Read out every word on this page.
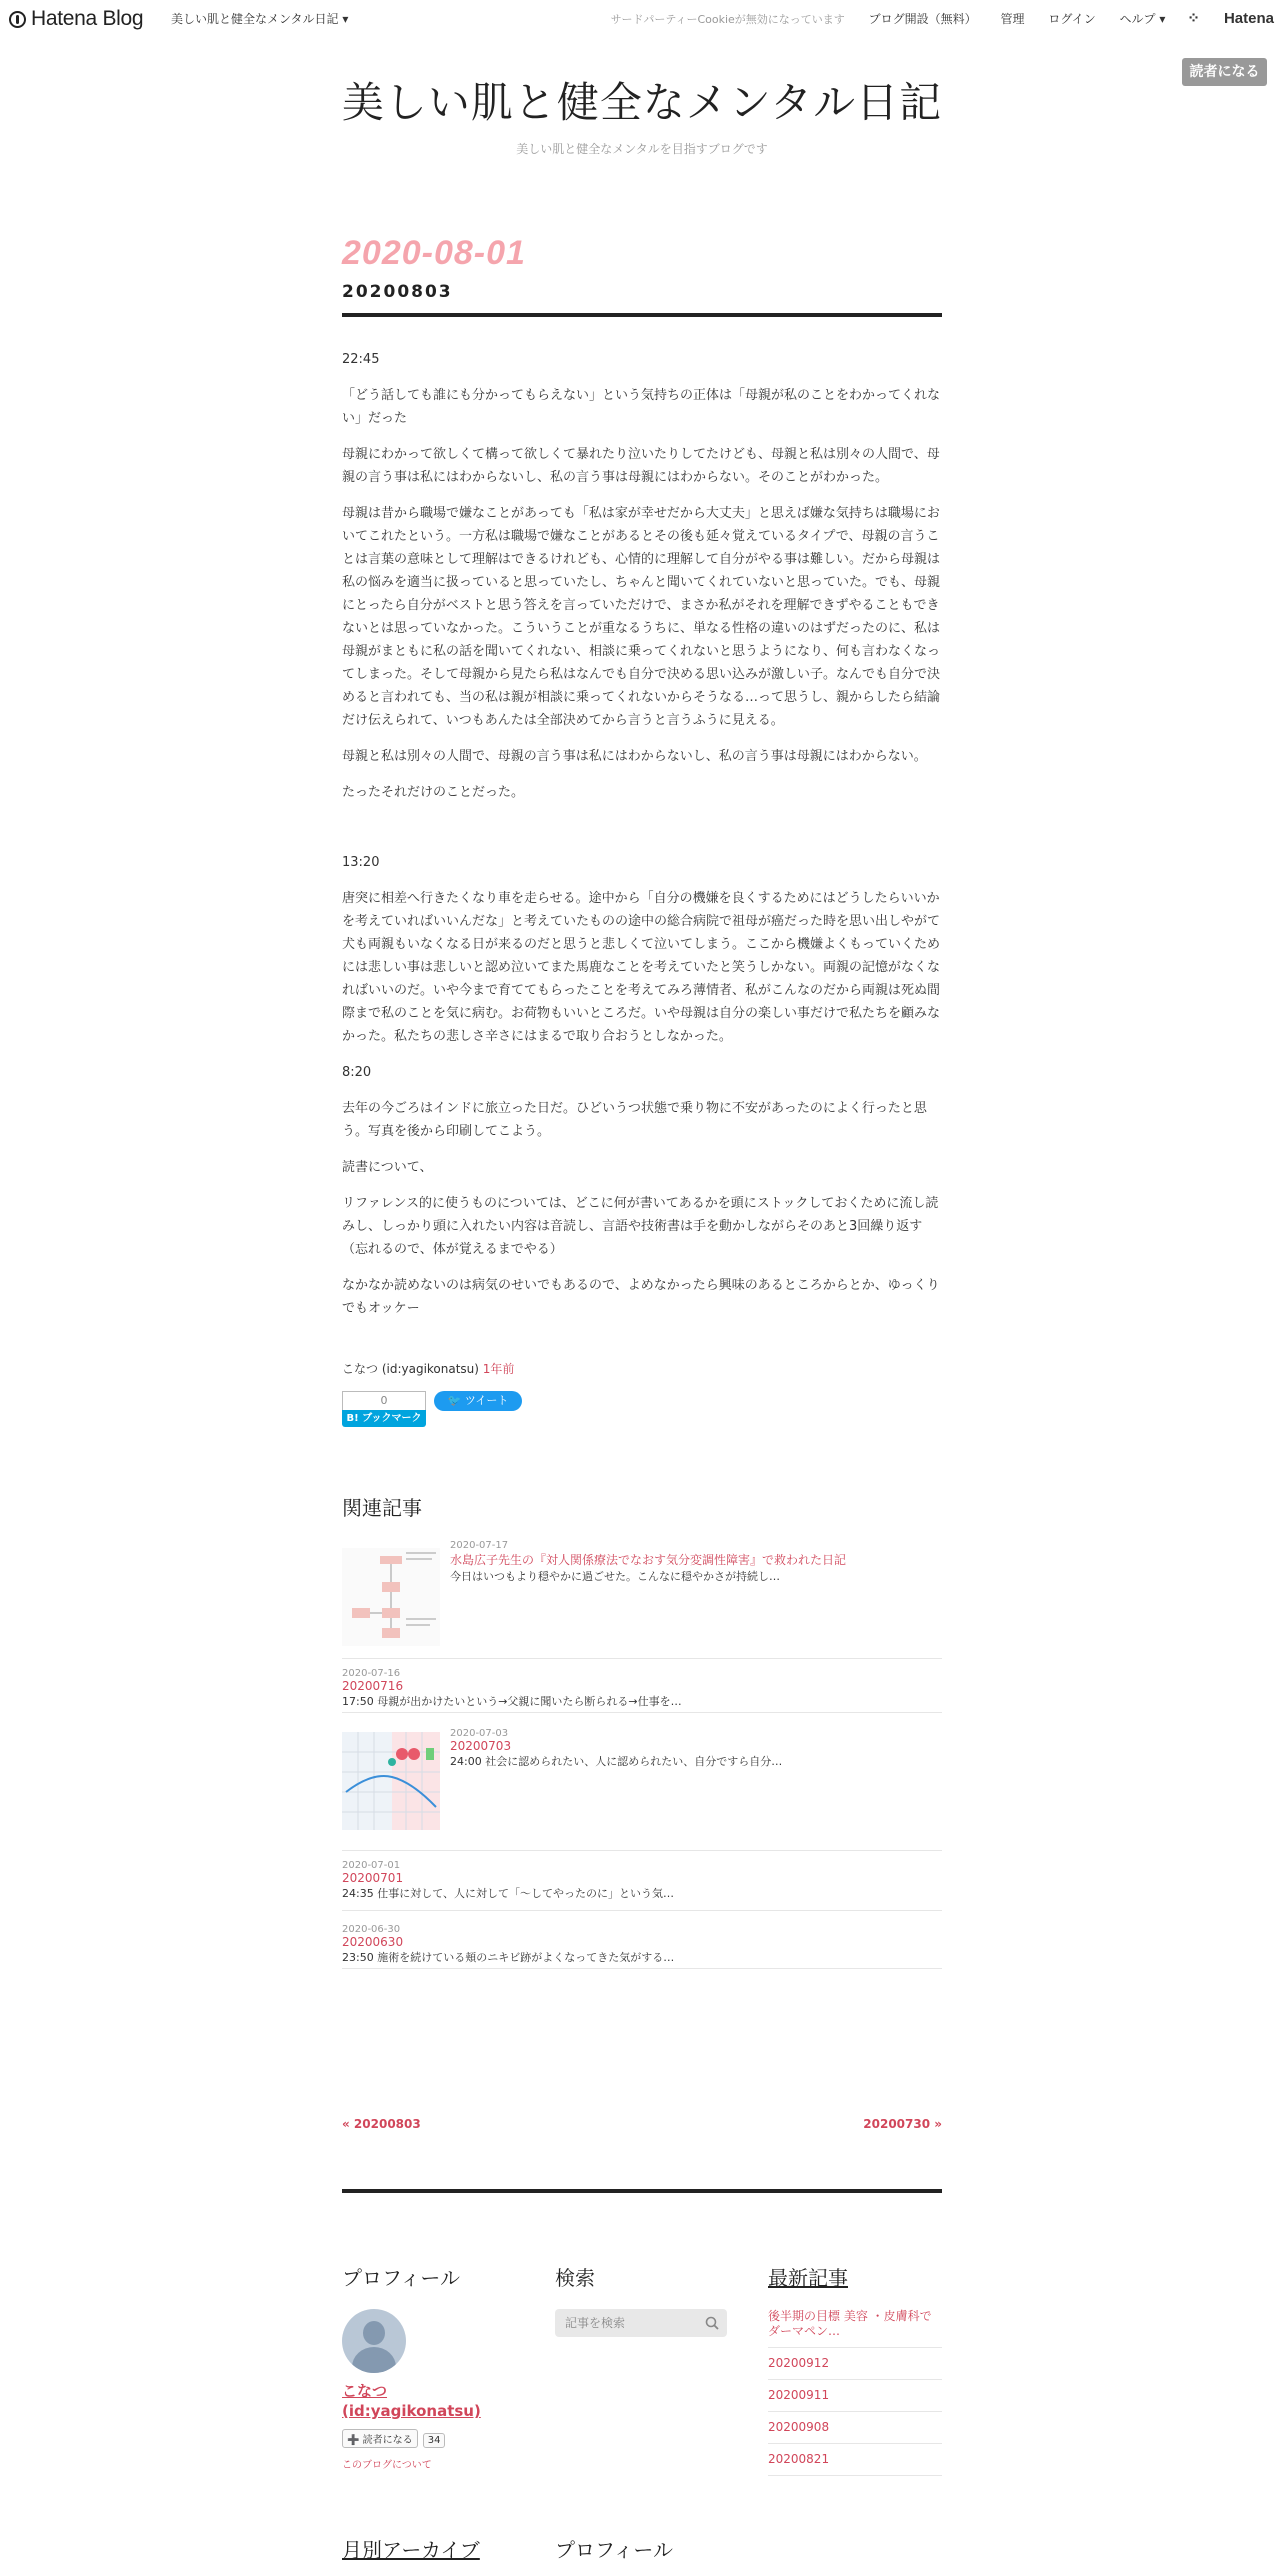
Hatena Blog 美しい肌と健全なメンタル日記 ▾	サードパーティーCookieが無効になっています ブログ開設（無料） 管理 ログイン ヘルプ ▾ ⁘ Hatena
読者になる
美しい肌と健全なメンタル日記
美しい肌と健全なメンタルを目指すブログです
2020-08-01
20200803

22:45

「どう話しても誰にも分かってもらえない」という気持ちの正体は「母親が私のことをわかってくれない」だった

母親にわかって欲しくて構って欲しくて暴れたり泣いたりしてたけども、母親と私は別々の人間で、母親の言う事は私にはわからないし、私の言う事は母親にはわからない。そのことがわかった。

母親は昔から職場で嫌なことがあっても「私は家が幸せだから大丈夫」と思えば嫌な気持ちは職場においてこれたという。一方私は職場で嫌なことがあるとその後も延々覚えているタイプで、母親の言うことは言葉の意味として理解はできるけれども、心情的に理解して自分がやる事は難しい。だから母親は私の悩みを適当に扱っていると思っていたし、ちゃんと聞いてくれていないと思っていた。でも、母親にとったら自分がベストと思う答えを言っていただけで、まさか私がそれを理解できずやることもできないとは思っていなかった。こういうことが重なるうちに、単なる性格の違いのはずだったのに、私は母親がまともに私の話を聞いてくれない、相談に乗ってくれないと思うようになり、何も言わなくなってしまった。そして母親から見たら私はなんでも自分で決める思い込みが激しい子。なんでも自分で決めると言われても、当の私は親が相談に乗ってくれないからそうなる…って思うし、親からしたら結論だけ伝えられて、いつもあんたは全部決めてから言うと言うふうに見える。

母親と私は別々の人間で、母親の言う事は私にはわからないし、私の言う事は母親にはわからない。

たったそれだけのことだった。

13:20

唐突に相差へ行きたくなり車を走らせる。途中から「自分の機嫌を良くするためにはどうしたらいいかを考えていればいいんだな」と考えていたものの途中の総合病院で祖母が癌だった時を思い出しやがて犬も両親もいなくなる日が来るのだと思うと悲しくて泣いてしまう。ここから機嫌よくもっていくためには悲しい事は悲しいと認め泣いてまた馬鹿なことを考えていたと笑うしかない。両親の記憶がなくなればいいのだ。いや今まで育ててもらったことを考えてみろ薄情者、私がこんなのだから両親は死ぬ間際まで私のことを気に病む。お荷物もいいところだ。いや母親は自分の楽しい事だけで私たちを顧みなかった。私たちの悲しさ辛さにはまるで取り合おうとしなかった。

8:20

去年の今ごろはインドに旅立った日だ。ひどいうつ状態で乗り物に不安があったのによく行ったと思う。写真を後から印刷してこよう。

読書について、

リファレンス的に使うものについては、どこに何が書いてあるかを頭にストックしておくために流し読みし、しっかり頭に入れたい内容は音読し、言語や技術書は手を動かしながらそのあと3回繰り返す（忘れるので、体が覚えるまでやる）

なかなか読めないのは病気のせいでもあるので、よめなかったら興味のあるところからとか、ゆっくりでもオッケー

こなつ (id:yagikonatsu) 1年前
0
B! ブックマーク
🐦 ツイート
関連記事
2020-07-17
水島広子先生の『対人関係療法でなおす気分変調性障害』で救われた日記
今日はいつもより穏やかに過ごせた。こんなに穏やかさが持続し…
2020-07-16
20200716
17:50 母親が出かけたいという→父親に聞いたら断られる→仕事を…
2020-07-03
20200703
24:00 社会に認められたい、人に認められたい、自分ですら自分…
2020-07-01
20200701
24:35 仕事に対して、人に対して「〜してやったのに」という気…
2020-06-30
20200630
23:50 施術を続けている頬のニキビ跡がよくなってきた気がする…
« 20200803	20200730 »
プロフィール
こなつ (id:yagikonatsu)
➕ 読者になる 34
このブログについて
検索
記事を検索
最新記事
後半期の目標 美容 ・皮膚科でダーマペン…
20200912
20200911
20200908
20200821
月別アーカイブ	プロフィール
